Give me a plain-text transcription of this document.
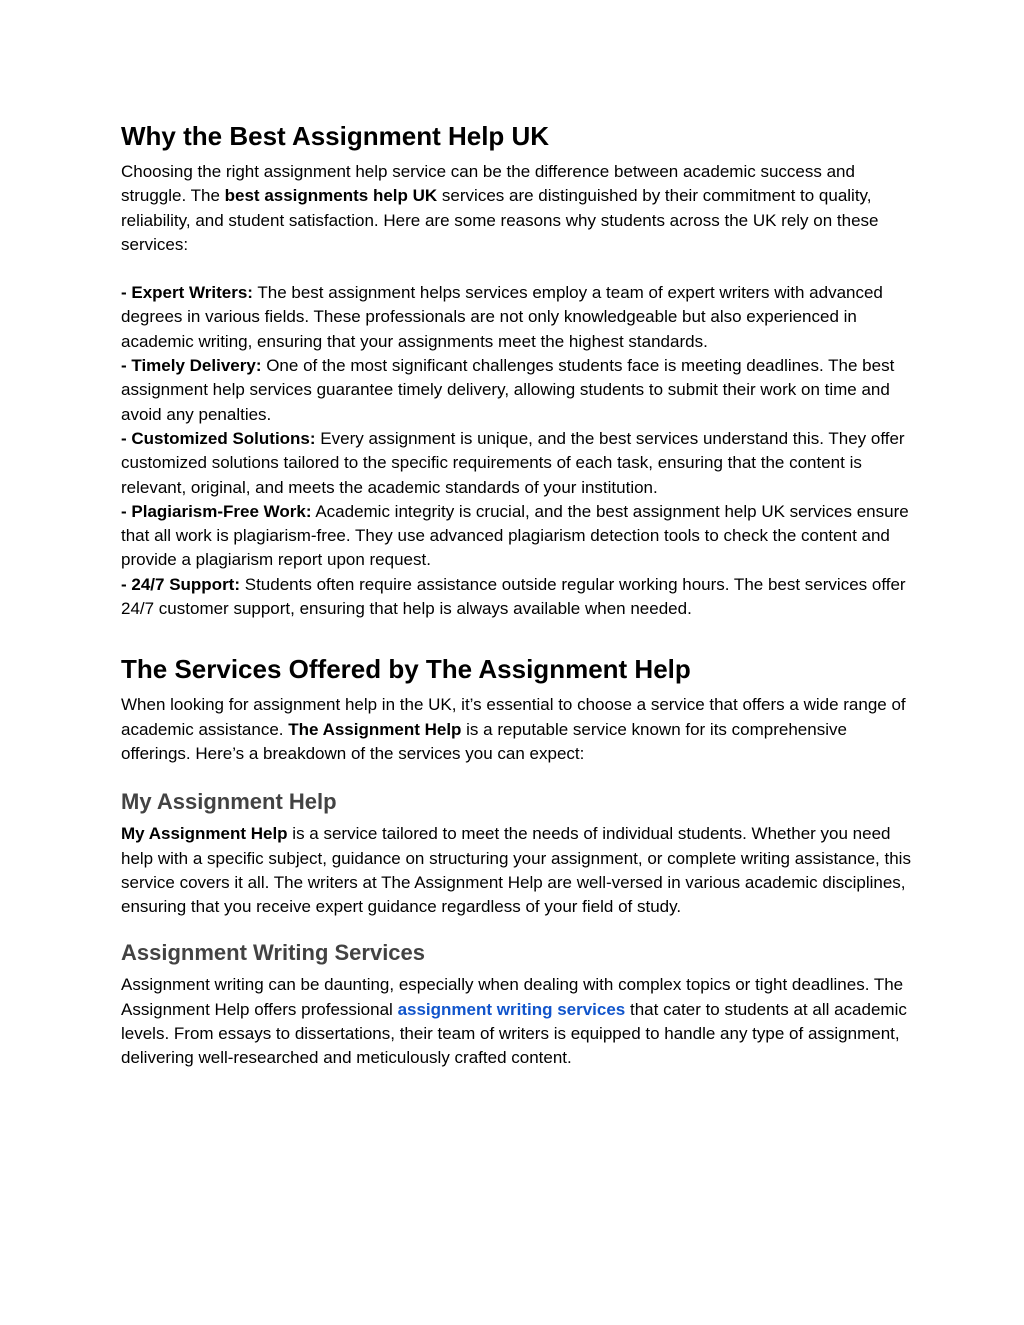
Why the Best Assignment Help UK

Choosing the right assignment help service can be the difference between academic success and struggle. The best assignments help UK services are distinguished by their commitment to quality, reliability, and student satisfaction. Here are some reasons why students across the UK rely on these services:

- Expert Writers: The best assignment helps services employ a team of expert writers with advanced degrees in various fields. These professionals are not only knowledgeable but also experienced in academic writing, ensuring that your assignments meet the highest standards.

- Timely Delivery: One of the most significant challenges students face is meeting deadlines. The best assignment help services guarantee timely delivery, allowing students to submit their work on time and avoid any penalties.

- Customized Solutions: Every assignment is unique, and the best services understand this. They offer customized solutions tailored to the specific requirements of each task, ensuring that the content is relevant, original, and meets the academic standards of your institution.

- Plagiarism-Free Work: Academic integrity is crucial, and the best assignment help UK services ensure that all work is plagiarism-free. They use advanced plagiarism detection tools to check the content and provide a plagiarism report upon request.

- 24/7 Support: Students often require assistance outside regular working hours. The best services offer 24/7 customer support, ensuring that help is always available when needed.

The Services Offered by The Assignment Help

When looking for assignment help in the UK, it’s essential to choose a service that offers a wide range of academic assistance. The Assignment Help is a reputable service known for its comprehensive offerings. Here’s a breakdown of the services you can expect:

My Assignment Help

My Assignment Help is a service tailored to meet the needs of individual students. Whether you need help with a specific subject, guidance on structuring your assignment, or complete writing assistance, this service covers it all. The writers at The Assignment Help are well-versed in various academic disciplines, ensuring that you receive expert guidance regardless of your field of study.

Assignment Writing Services

Assignment writing can be daunting, especially when dealing with complex topics or tight deadlines. The Assignment Help offers professional assignment writing services that cater to students at all academic levels. From essays to dissertations, their team of writers is equipped to handle any type of assignment, delivering well-researched and meticulously crafted content.
